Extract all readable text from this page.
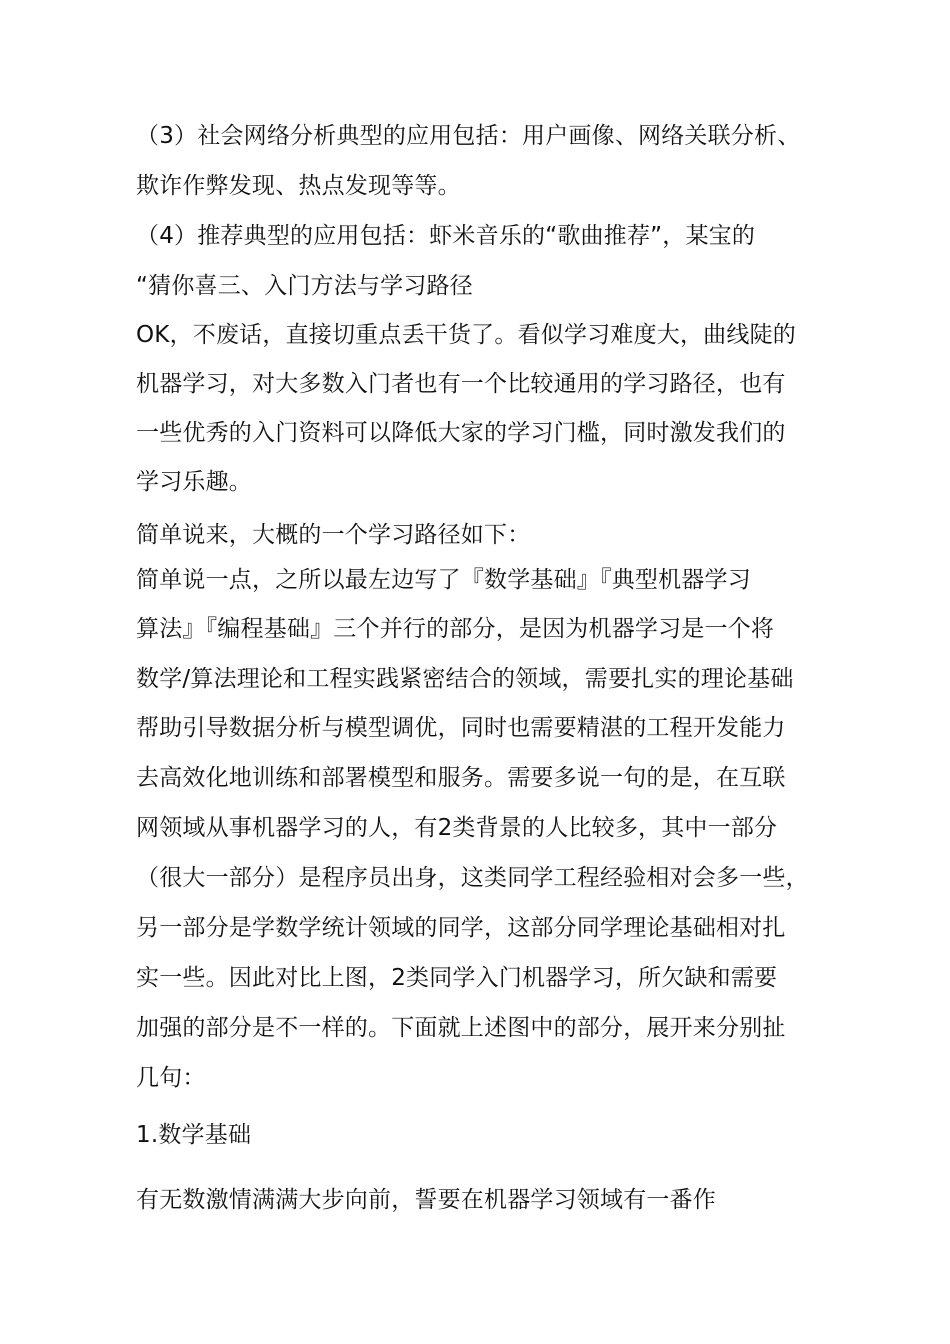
（3）社会网络分析典型的应用包括：用户画像、网络关联分析、
欺诈作弊发现、热点发现等等。
（4）推荐典型的应用包括：虾米音乐的“歌曲推荐”，某宝的
“猜你喜三、入门方法与学习路径
OK，不废话，直接切重点丢干货了。看似学习难度大，曲线陡的
机器学习，对大多数入门者也有一个比较通用的学习路径，也有
一些优秀的入门资料可以降低大家的学习门槛，同时激发我们的
学习乐趣。
简单说来，大概的一个学习路径如下：
简单说一点，之所以最左边写了『数学基础』『典型机器学习
算法』『编程基础』三个并行的部分，是因为机器学习是一个将
数学/算法理论和工程实践紧密结合的领域，需要扎实的理论基础
帮助引导数据分析与模型调优，同时也需要精湛的工程开发能力
去高效化地训练和部署模型和服务。需要多说一句的是，在互联
网领域从事机器学习的人，有2类背景的人比较多，其中一部分
（很大一部分）是程序员出身，这类同学工程经验相对会多一些，
另一部分是学数学统计领域的同学，这部分同学理论基础相对扎
实一些。因此对比上图，2类同学入门机器学习，所欠缺和需要
加强的部分是不一样的。下面就上述图中的部分，展开来分别扯
几句：
1.数学基础
有无数激情满满大步向前，誓要在机器学习领域有一番作
